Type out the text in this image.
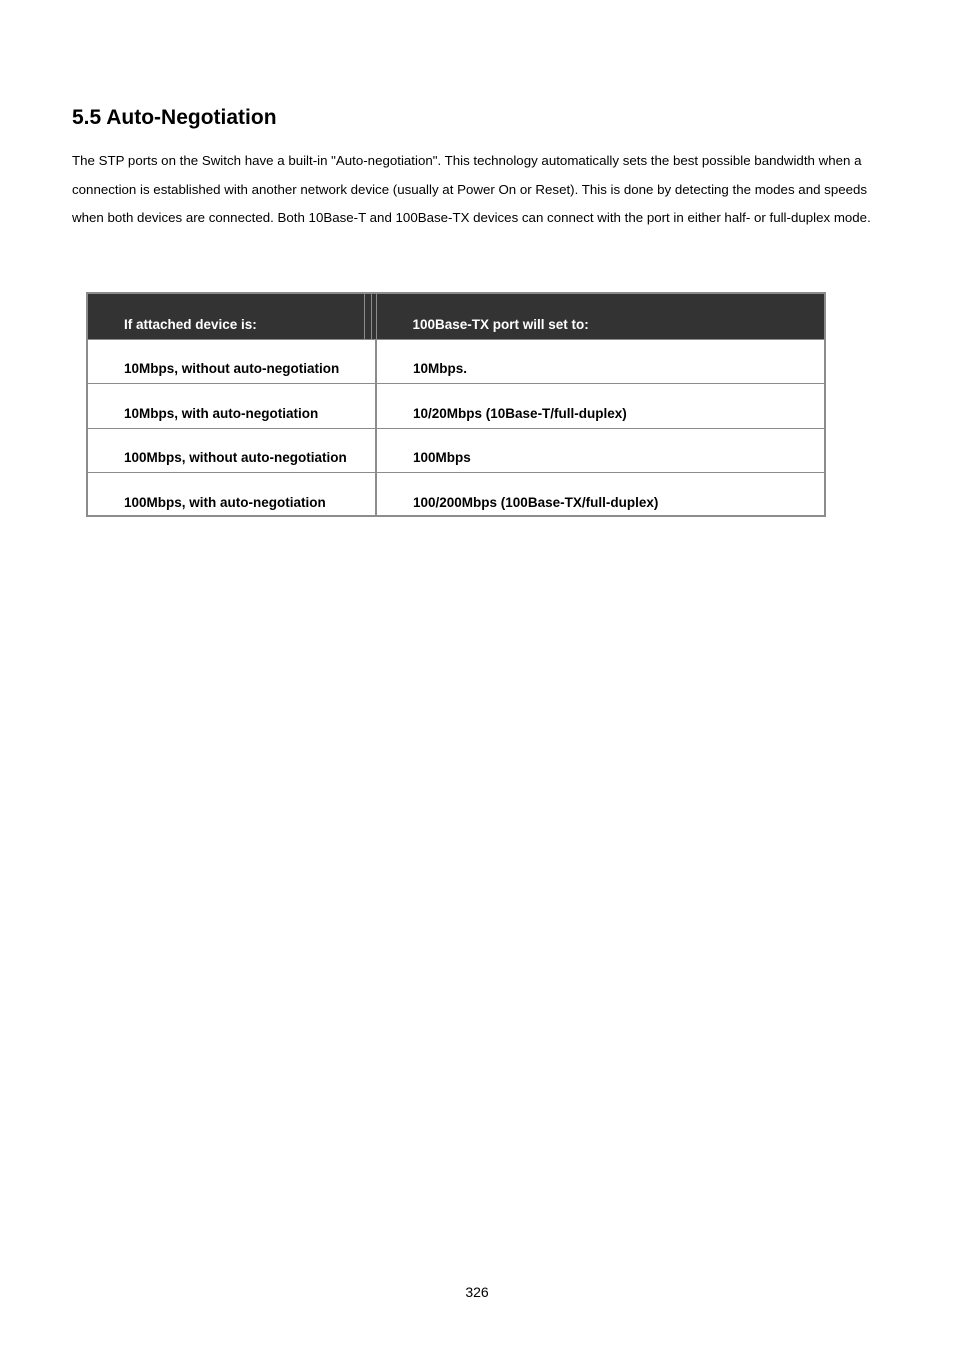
5.5 Auto-Negotiation

The STP ports on the Switch have a built-in "Auto-negotiation". This technology automatically sets the best possible bandwidth when a connection is established with another network device (usually at Power On or Reset). This is done by detecting the modes and speeds when both devices are connected. Both 10Base-T and 100Base-TX devices can connect with the port in either half- or full-duplex mode.

If attached device is:	100Base-TX port will set to:
10Mbps, without auto-negotiation	10Mbps.
10Mbps, with auto-negotiation	10/20Mbps (10Base-T/full-duplex)
100Mbps, without auto-negotiation	100Mbps
100Mbps, with auto-negotiation	100/200Mbps (100Base-TX/full-duplex)
326
